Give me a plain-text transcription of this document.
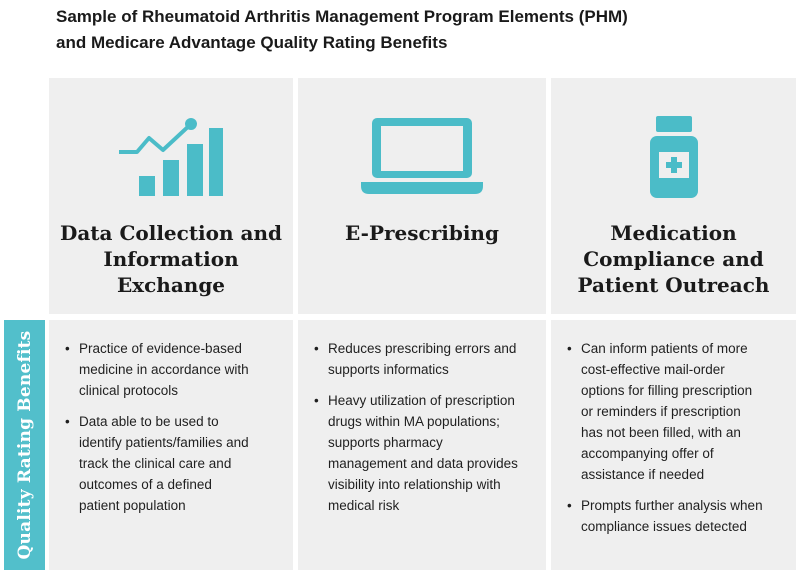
Sample of Rheumatoid Arthritis Management Program Elements (PHM)
and Medicare Advantage Quality Rating Benefits
Data Collection and
Information
Exchange
E-Prescribing	Medication
Compliance and
Patient Outreach
Quality Rating Benefits
•	Practice of evidence-based
medicine in accordance with
clinical protocols
• Data able to be used to
identify patients/families and
track the clinical care and
outcomes of a defined
patient population
• Reduces prescribing errors and
supports informatics
• Heavy utilization of prescription
drugs within MA populations;
supports pharmacy
management and data provides
visibility into relationship with
medical risk
• Can inform patients of more
cost-effective mail-order
options for filling prescription
or reminders if prescription
has not been filled, with an
accompanying offer of
assistance if needed
• Prompts further analysis when
compliance issues detected
